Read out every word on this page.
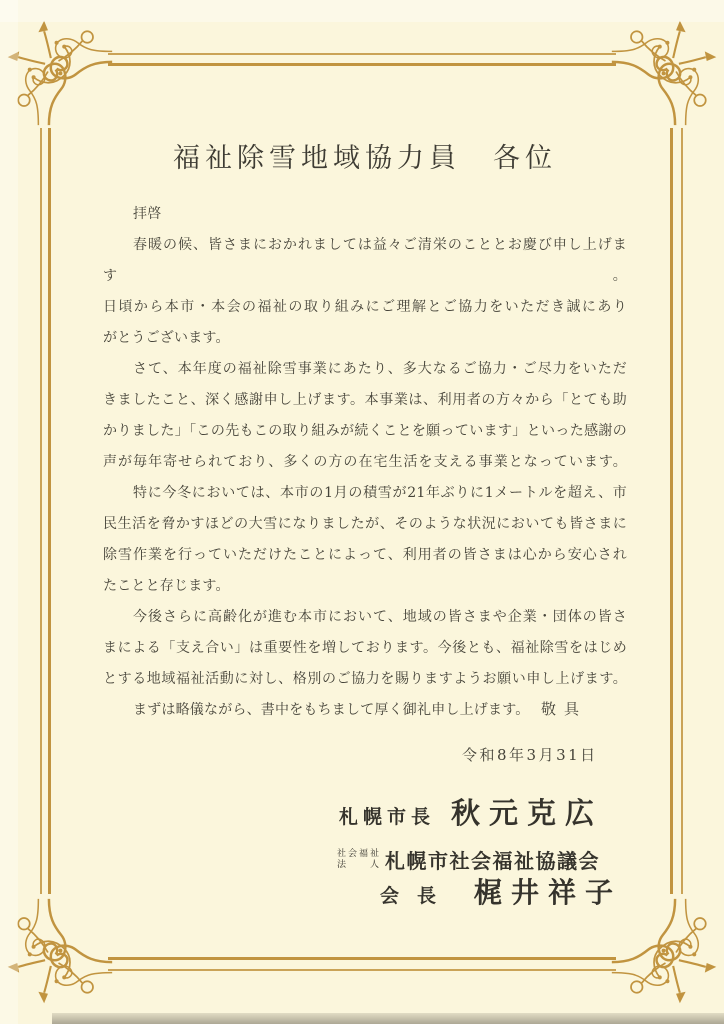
福祉除雪地域協力員　各位
拝啓
春暖の候、皆さまにおかれましては益々ご清栄のこととお慶び申し上げます。
日頃から本市・本会の福祉の取り組みにご理解とご協力をいただき誠にあり
がとうございます。
さて、本年度の福祉除雪事業にあたり、多大なるご協力・ご尽力をいただ
きましたこと、深く感謝申し上げます。本事業は、利用者の方々から「とても助
かりました」「この先もこの取り組みが続くことを願っています」といった感謝の
声が毎年寄せられており、多くの方の在宅生活を支える事業となっています。
特に今冬においては、本市の1月の積雪が21年ぶりに1メートルを超え、市
民生活を脅かすほどの大雪になりましたが、そのような状況においても皆さまに
除雪作業を行っていただけたことによって、利用者の皆さまは心から安心され
たことと存じます。
今後さらに高齢化が進む本市において、地域の皆さまや企業・団体の皆さ
まによる「支え合い」は重要性を増しております。今後とも、福祉除雪をはじめ
とする地域福祉活動に対し、格別のご協力を賜りますようお願い申し上げます。
まずは略儀ながら、書中をもちまして厚く御礼申し上げます。 敬具
令和8年3月31日
札幌市長 秋元克広
社会福祉
法人 札幌市社会福祉協議会
会長 梶井祥子
